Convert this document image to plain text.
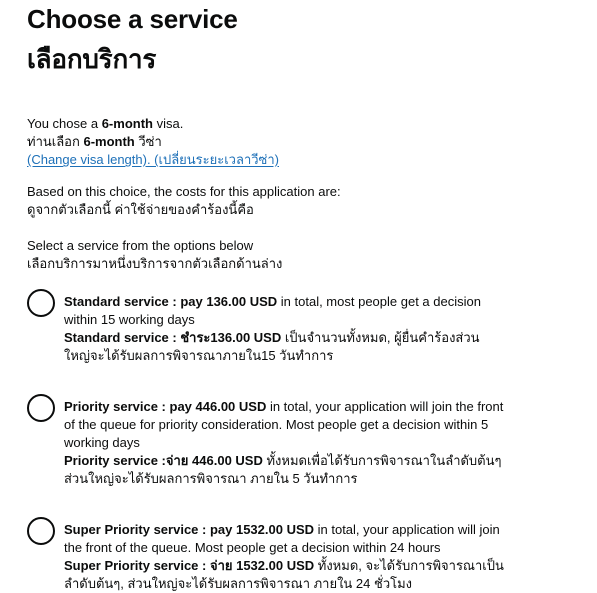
Choose a service
เลือกบริการ
You chose a 6-month visa.
ท่านเลือก 6-month วีซ่า
(Change visa length). (เปลี่ยนระยะเวลาวีซ่า)
Based on this choice, the costs for this application are:
ดูจากตัวเลือกนี้ ค่าใช้จ่ายของคำร้องนี้คือ
Select a service from the options below
เลือกบริการมาหนึ่งบริการจากตัวเลือกด้านล่าง
Standard service : pay 136.00 USD in total, most people get a decision within 15 working days
Standard service : ชำระ136.00 USD เป็นจำนวนทั้งหมด, ผู้ยื่นคำร้องส่วนใหญ่จะได้รับผลการพิจารณาภายใน15 วันทำการ
Priority service : pay 446.00 USD in total, your application will join the front of the queue for priority consideration. Most people get a decision within 5 working days
Priority service :จ่าย 446.00 USD ทั้งหมดเพื่อได้รับการพิจารณาในลำดับต้นๆ ส่วนใหญ่จะได้รับผลการพิจารณา ภายใน 5 วันทำการ
Super Priority service : pay 1532.00 USD in total, your application will join the front of the queue. Most people get a decision within 24 hours
Super Priority service : จ่าย 1532.00 USD ทั้งหมด, จะได้รับการพิจารณาเป็นลำดับต้นๆ, ส่วนใหญ่จะได้รับผลการพิจารณา ภายใน 24 ชั่วโมง
